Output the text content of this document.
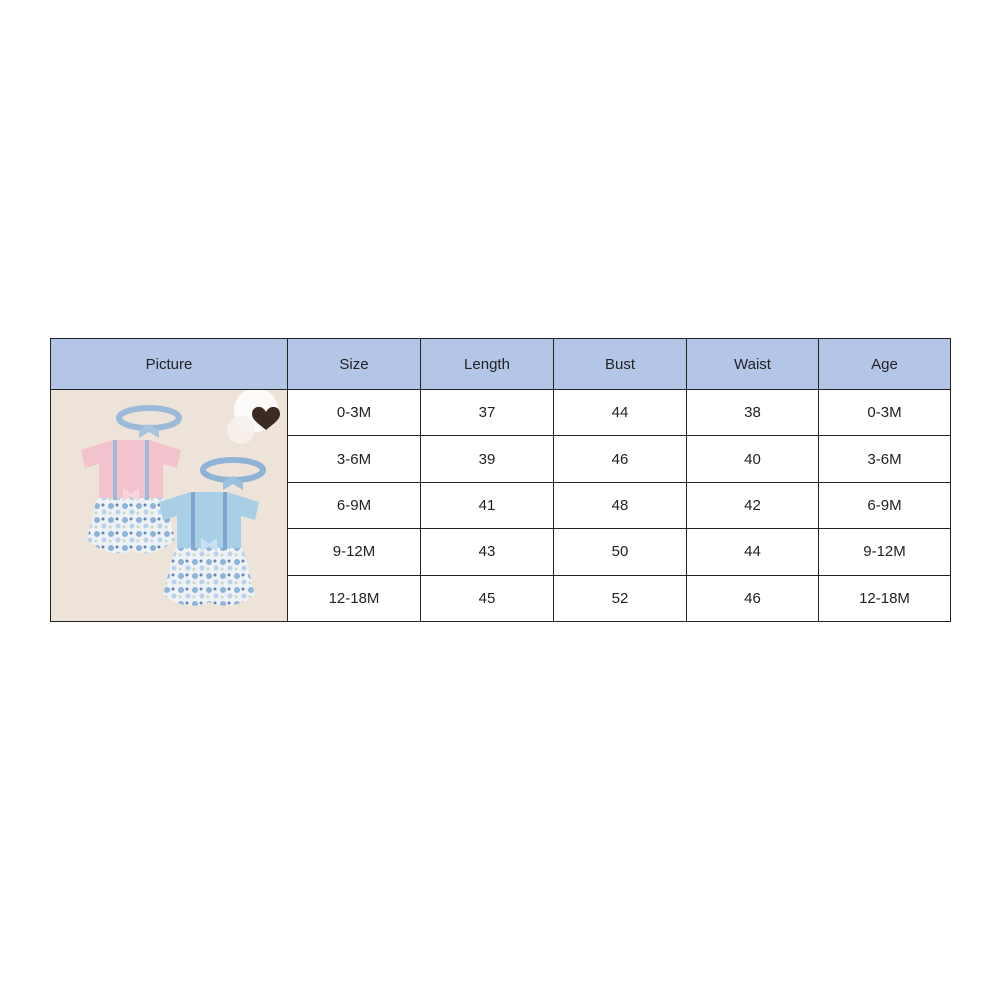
Picture	Size	Length	Bust	Waist	Age

	0-3M	37	44	38	0-3M
	3-6M	39	46	40	3-6M
	6-9M	41	48	42	6-9M
	9-12M	43	50	44	9-12M
	12-18M	45	52	46	12-18M
